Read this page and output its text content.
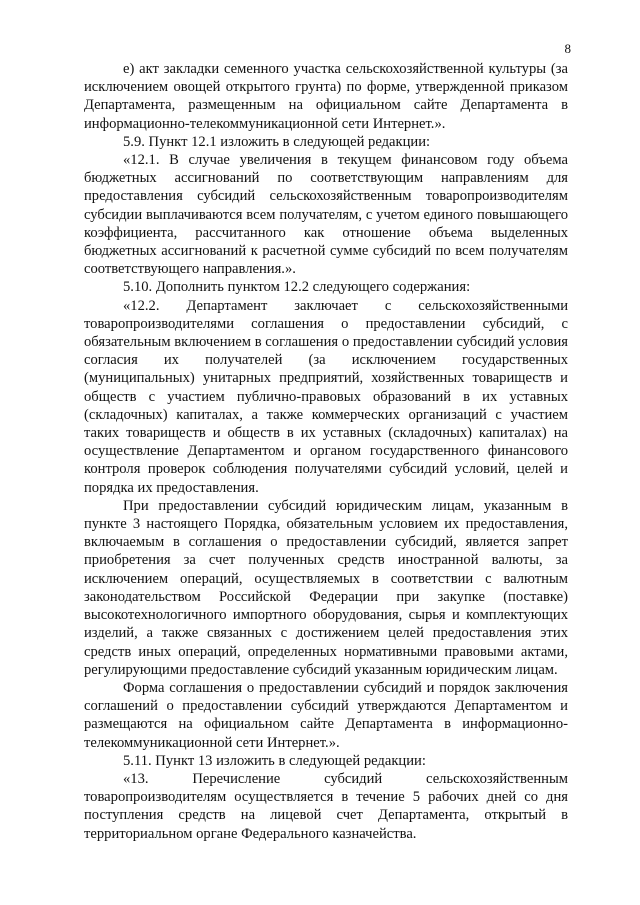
8

е) акт закладки семенного участка сельскохозяйственной культуры (за исключением овощей открытого грунта) по форме, утвержденной приказом Департамента, размещенным на официальном сайте Департамента в информационно-телекоммуникационной сети Интернет.».

5.9. Пункт 12.1 изложить в следующей редакции:

«12.1. В случае увеличения в текущем финансовом году объема бюджетных ассигнований по соответствующим направлениям для предоставления субсидий сельскохозяйственным товаропроизводителям субсидии выплачиваются всем получателям, с учетом единого повышающего коэффициента, рассчитанного как отношение объема выделенных бюджетных ассигнований к расчетной сумме субсидий по всем получателям соответствующего направления.».

5.10. Дополнить пунктом 12.2 следующего содержания:

«12.2. Департамент заключает с сельскохозяйственными товаропроизводителями соглашения о предоставлении субсидий, с обязательным включением в соглашения о предоставлении субсидий условия согласия их получателей (за исключением государственных (муниципальных) унитарных предприятий, хозяйственных товариществ и обществ с участием публично-правовых образований в их уставных (складочных) капиталах, а также коммерческих организаций с участием таких товариществ и обществ в их уставных (складочных) капиталах) на осуществление Департаментом и органом государственного финансового контроля проверок соблюдения получателями субсидий условий, целей и порядка их предоставления.

При предоставлении субсидий юридическим лицам, указанным в пункте 3 настоящего Порядка, обязательным условием их предоставления, включаемым в соглашения о предоставлении субсидий, является запрет приобретения за счет полученных средств иностранной валюты, за исключением операций, осуществляемых в соответствии с валютным законодательством Российской Федерации при закупке (поставке) высокотехнологичного импортного оборудования, сырья и комплектующих изделий, а также связанных с достижением целей предоставления этих средств иных операций, определенных нормативными правовыми актами, регулирующими предоставление субсидий указанным юридическим лицам.

Форма соглашения о предоставлении субсидий и порядок заключения соглашений о предоставлении субсидий утверждаются Департаментом и размещаются на официальном сайте Департамента в информационно-телекоммуникационной сети Интернет.».

5.11. Пункт 13 изложить в следующей редакции:

«13. Перечисление субсидий сельскохозяйственным товаропроизводителям осуществляется в течение 5 рабочих дней со дня поступления средств на лицевой счет Департамента, открытый в территориальном органе Федерального казначейства.
